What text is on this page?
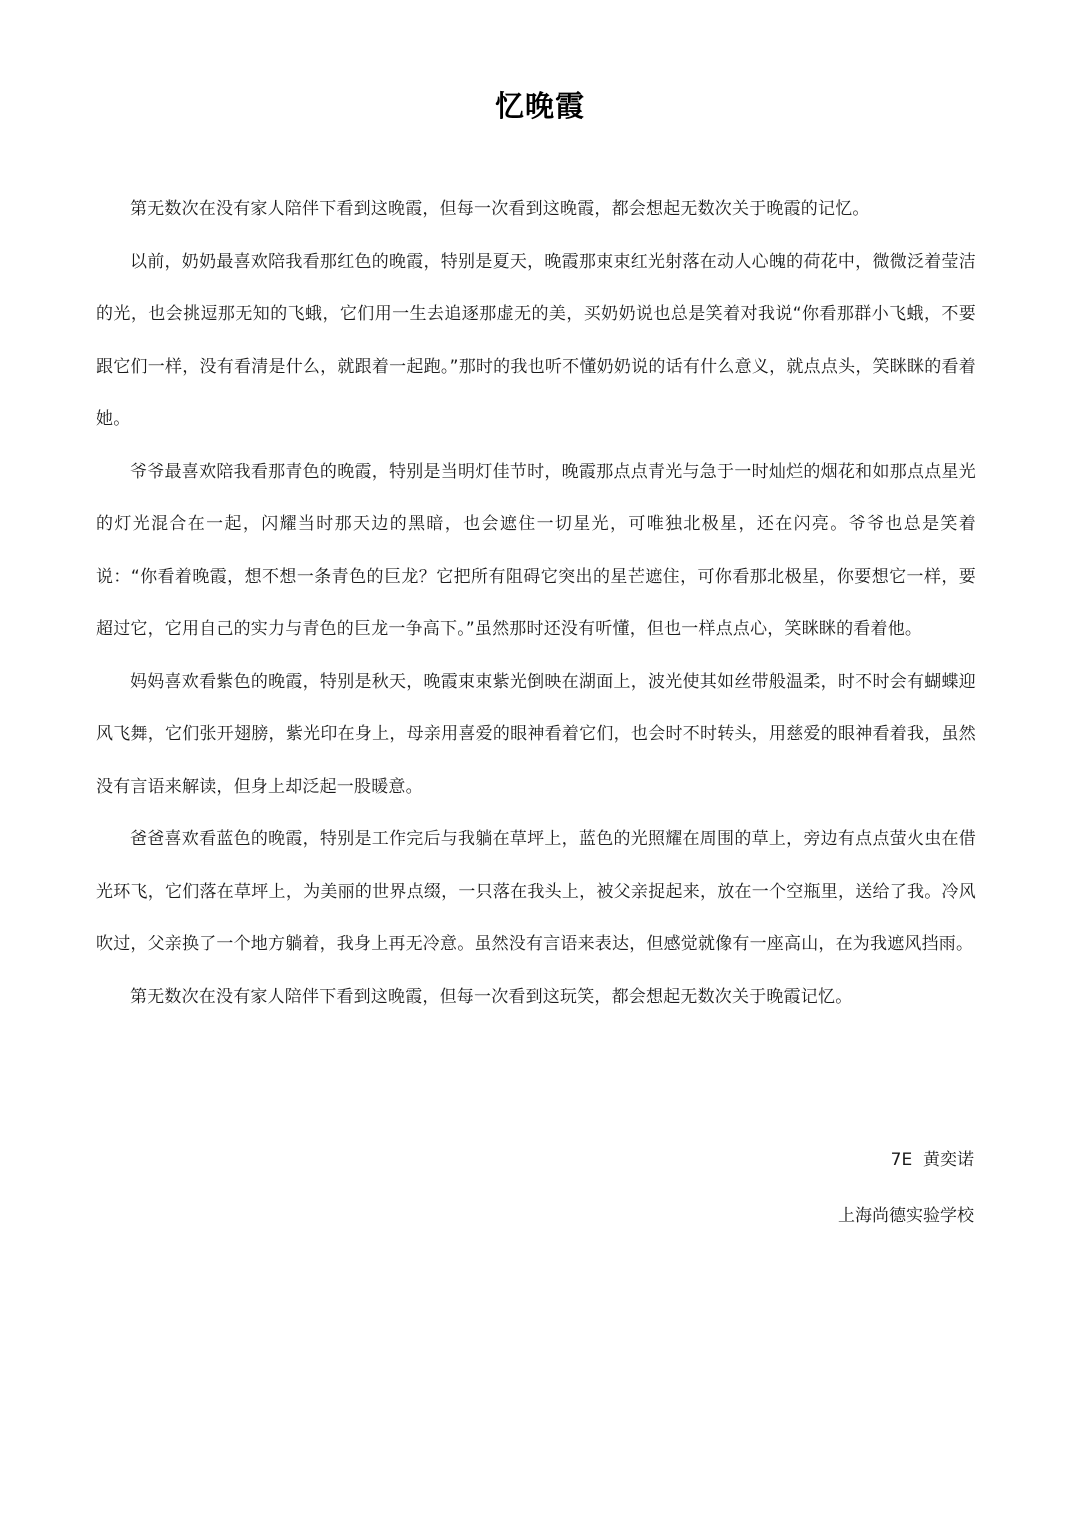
忆晚霞

第无数次在没有家人陪伴下看到这晚霞，但每一次看到这晚霞，都会想起无数次关于晚霞的记忆。

以前，奶奶最喜欢陪我看那红色的晚霞，特别是夏天，晚霞那束束红光射落在动人心魄的荷花中，微微泛着莹洁的光，也会挑逗那无知的飞蛾，它们用一生去追逐那虚无的美，买奶奶说也总是笑着对我说“你看那群小飞蛾，不要跟它们一样，没有看清是什么，就跟着一起跑。”那时的我也听不懂奶奶说的话有什么意义，就点点头，笑眯眯的看着她。

爷爷最喜欢陪我看那青色的晚霞，特别是当明灯佳节时，晚霞那点点青光与急于一时灿烂的烟花和如那点点星光的灯光混合在一起，闪耀当时那天边的黑暗，也会遮住一切星光，可唯独北极星，还在闪亮。爷爷也总是笑着说：“你看着晚霞，想不想一条青色的巨龙？它把所有阻碍它突出的星芒遮住，可你看那北极星，你要想它一样，要超过它，它用自己的实力与青色的巨龙一争高下。”虽然那时还没有听懂，但也一样点点心，笑眯眯的看着他。

妈妈喜欢看紫色的晚霞，特别是秋天，晚霞束束紫光倒映在湖面上，波光使其如丝带般温柔，时不时会有蝴蝶迎风飞舞，它们张开翅膀，紫光印在身上，母亲用喜爱的眼神看着它们，也会时不时转头，用慈爱的眼神看着我，虽然没有言语来解读，但身上却泛起一股暖意。

爸爸喜欢看蓝色的晚霞，特别是工作完后与我躺在草坪上，蓝色的光照耀在周围的草上，旁边有点点萤火虫在借光环飞，它们落在草坪上，为美丽的世界点缀，一只落在我头上，被父亲捉起来，放在一个空瓶里，送给了我。冷风吹过，父亲换了一个地方躺着，我身上再无冷意。虽然没有言语来表达，但感觉就像有一座高山，在为我遮风挡雨。

第无数次在没有家人陪伴下看到这晚霞，但每一次看到这玩笑，都会想起无数次关于晚霞记忆。

7E  黄奕诺
上海尚德实验学校
